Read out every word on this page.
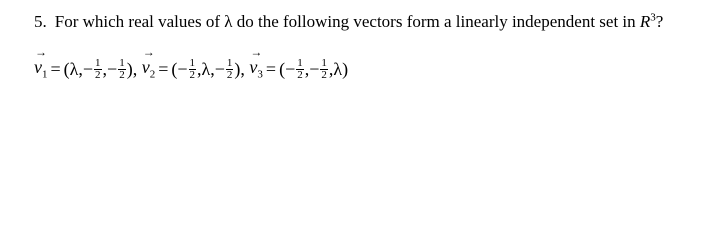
5. For which real values of λ do the following vectors form a linearly independent set in $R^3$?
→
$v_1$ = ( λ , − $\frac{1}{2}$ , − $\frac{1}{2}$ ) ,

→
$v_2$ = ( − $\frac{1}{2}$ , λ , − $\frac{1}{2}$ ) ,

→
$v_3$ = ( − $\frac{1}{2}$ , − $\frac{1}{2}$ , λ )
